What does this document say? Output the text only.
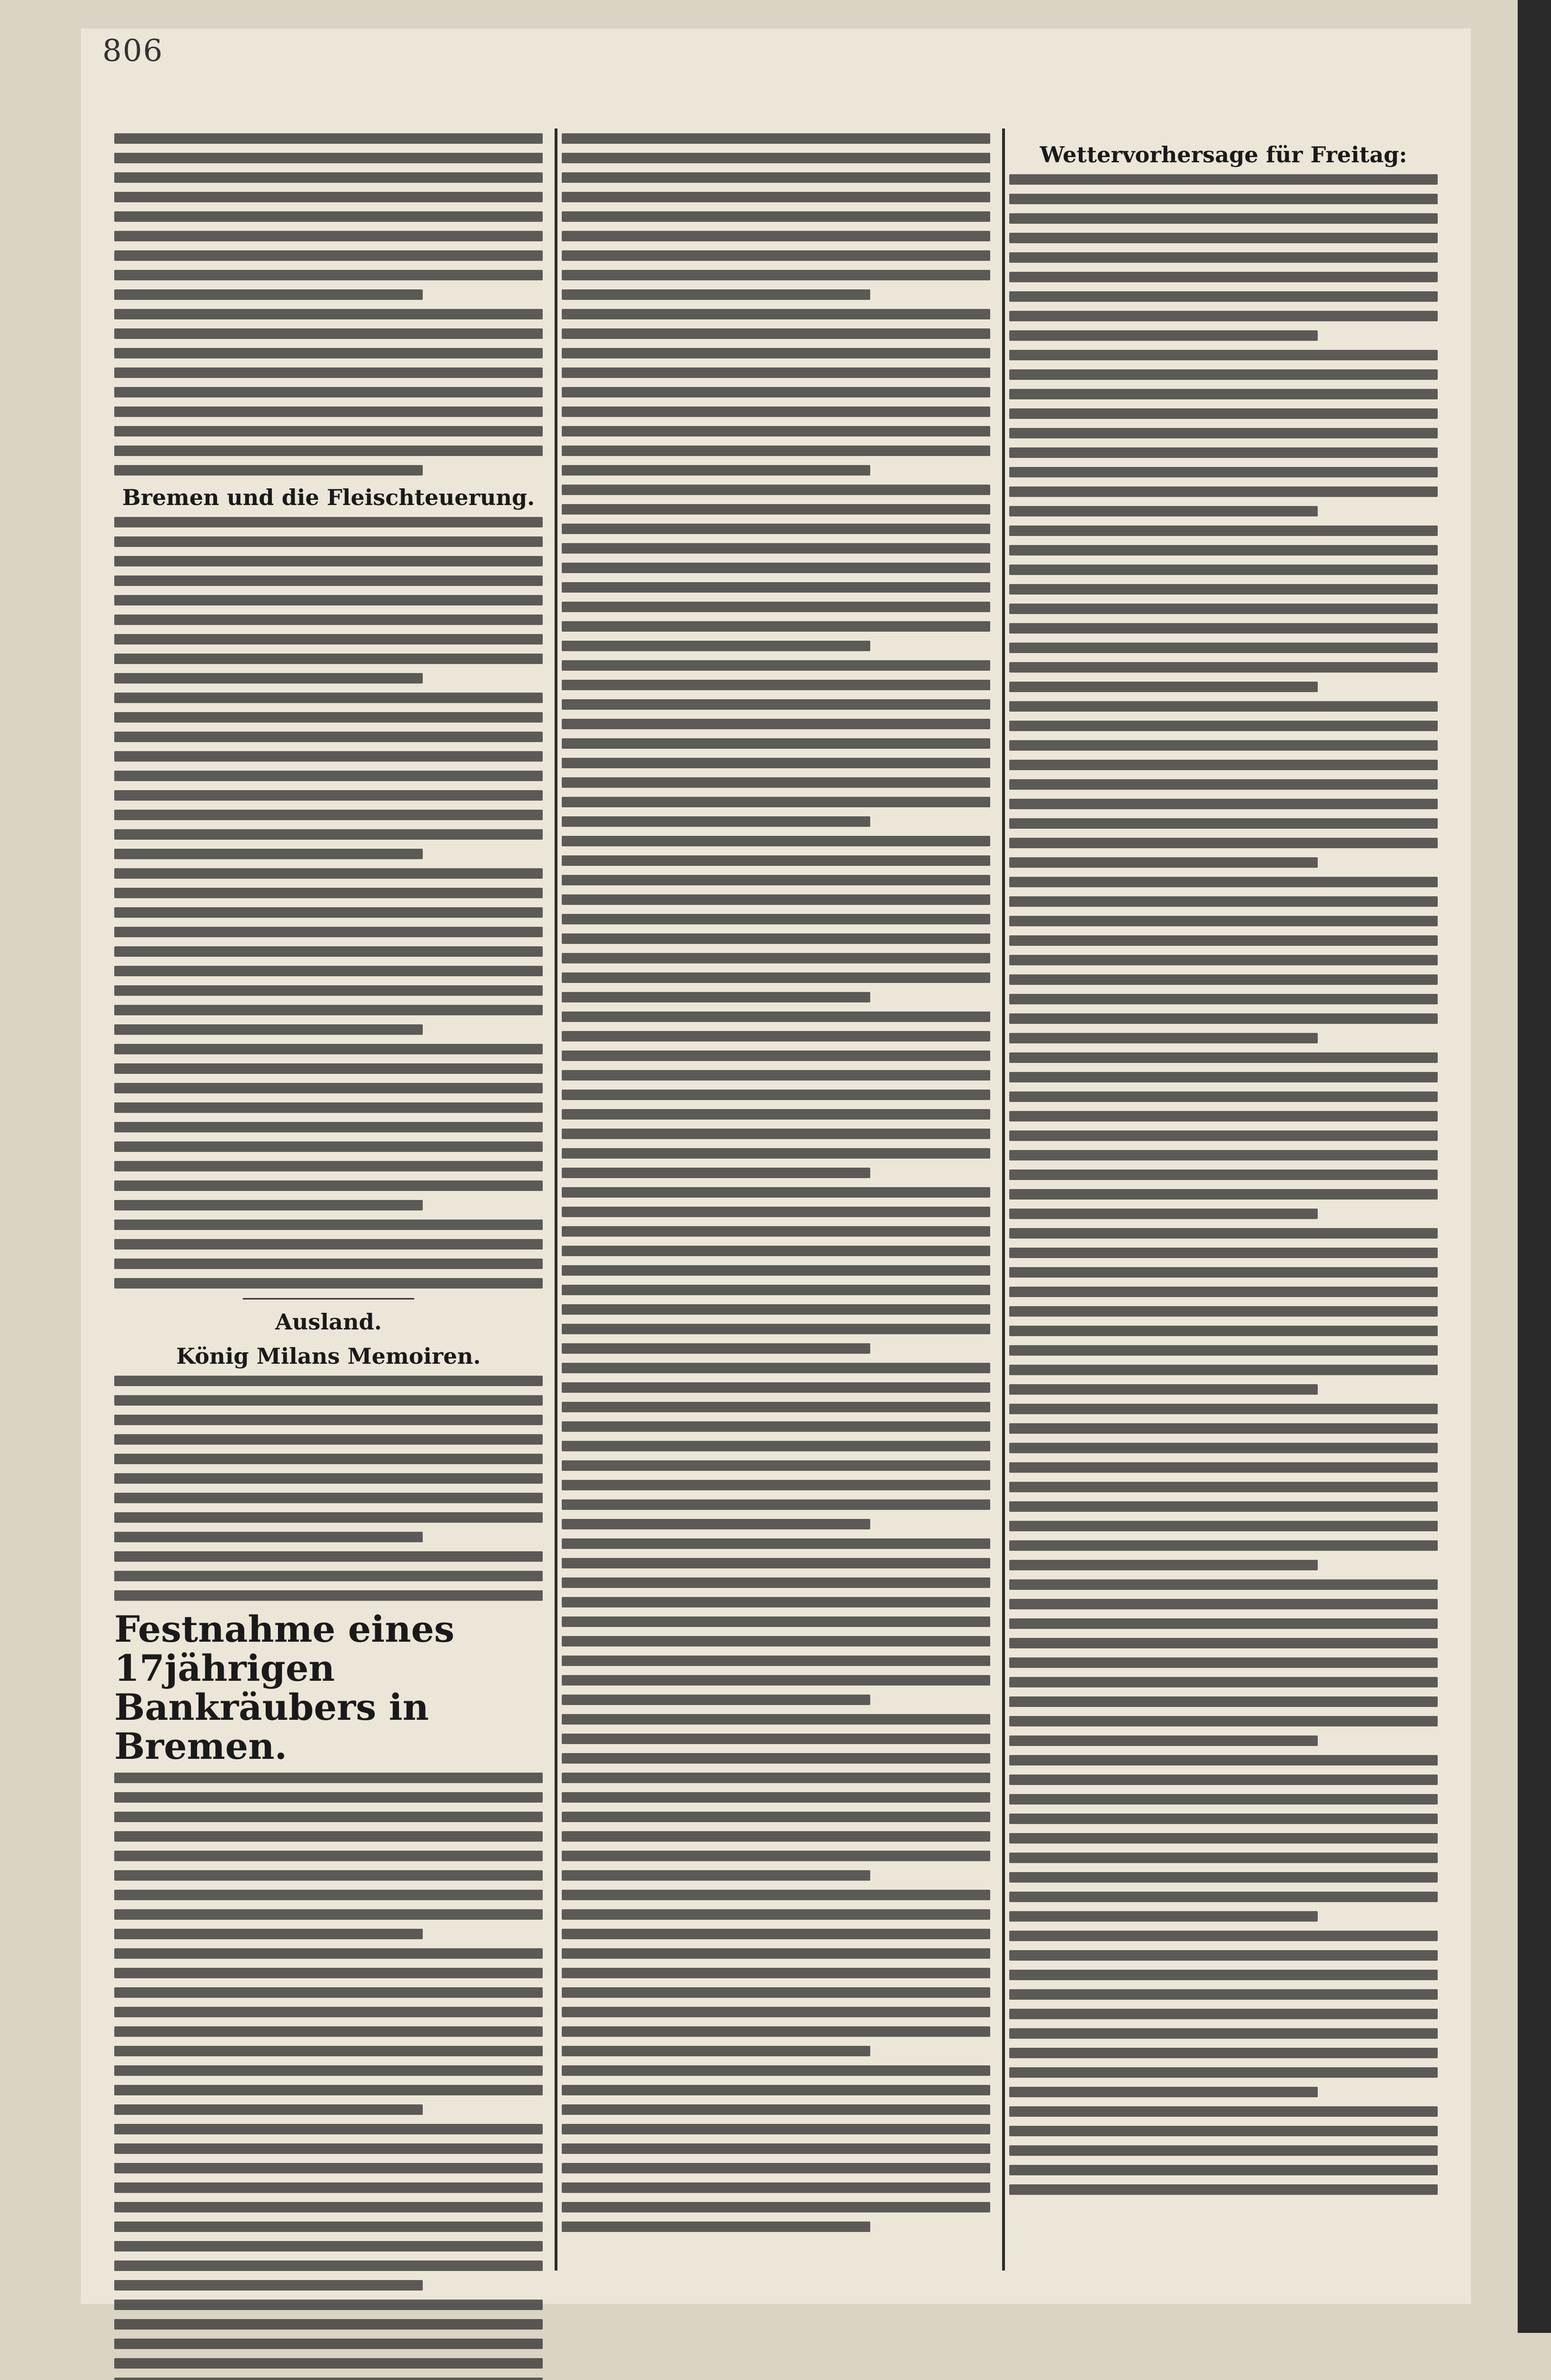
806
Bremen und die Fleischteuerung.
Ausland.
König Milans Memoiren.
Festnahme eines 17jährigen Bankräubers in Bremen.
Wettervorhersage für Freitag:
